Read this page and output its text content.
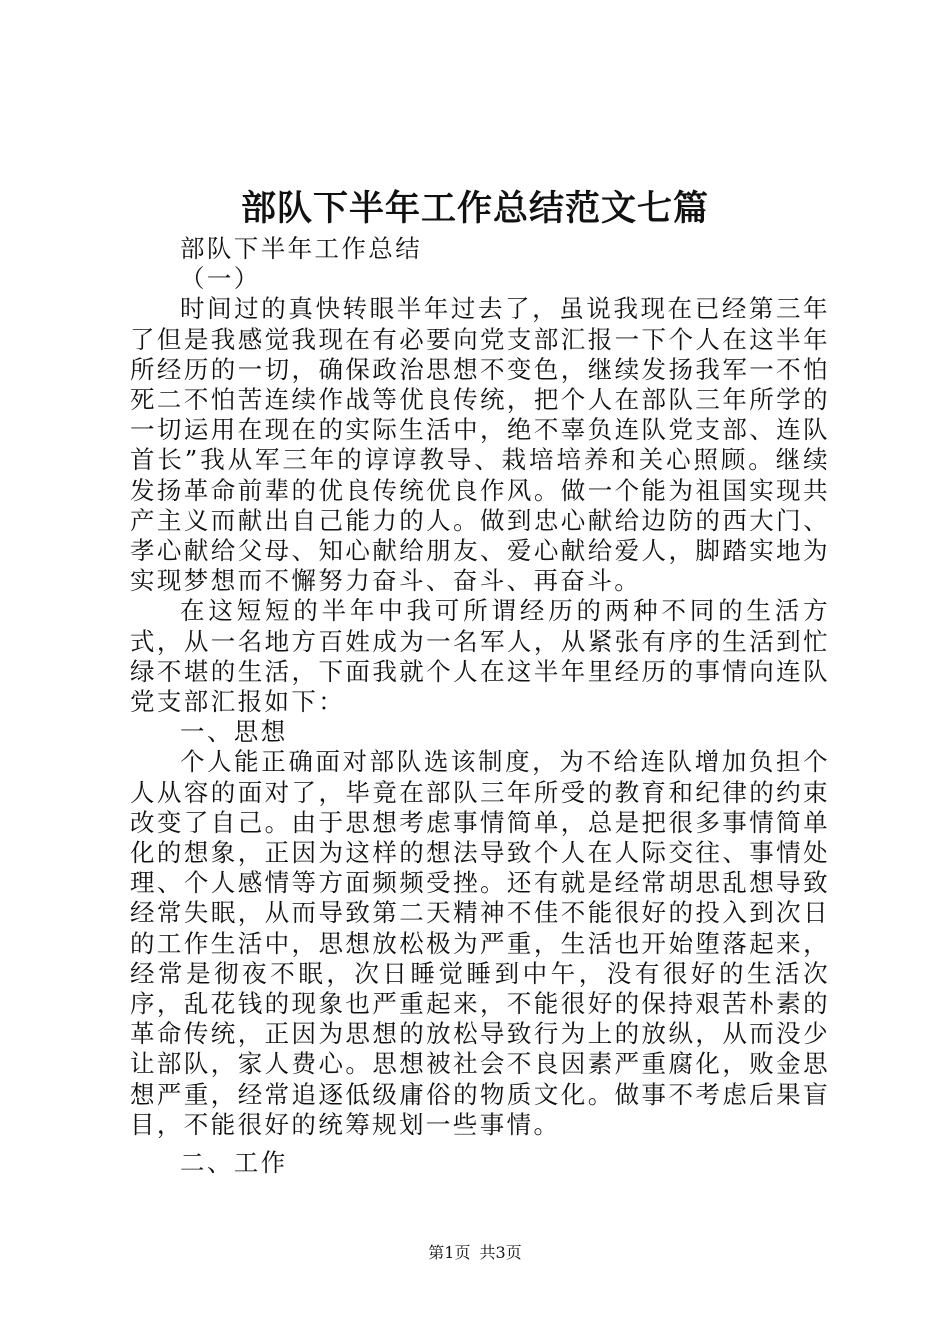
部队下半年工作总结范文七篇

部队下半年工作总结

（一）

时间过的真快转眼半年过去了，虽说我现在已经第三年了但是我感觉我现在有必要向党支部汇报一下个人在这半年所经历的一切，确保政治思想不变色，继续发扬我军一不怕死二不怕苦连续作战等优良传统，把个人在部队三年所学的一切运用在现在的实际生活中，绝不辜负连队党支部、连队首长”我从军三年的谆谆教导、栽培培养和关心照顾。继续发扬革命前辈的优良传统优良作风。做一个能为祖国实现共产主义而献出自己能力的人。做到忠心献给边防的西大门、孝心献给父母、知心献给朋友、爱心献给爱人，脚踏实地为实现梦想而不懈努力奋斗、奋斗、再奋斗。

在这短短的半年中我可所谓经历的两种不同的生活方式，从一名地方百姓成为一名军人，从紧张有序的生活到忙绿不堪的生活，下面我就个人在这半年里经历的事情向连队党支部汇报如下：

一、思想

个人能正确面对部队选该制度，为不给连队增加负担个人从容的面对了，毕竟在部队三年所受的教育和纪律的约束改变了自己。由于思想考虑事情简单，总是把很多事情简单化的想象，正因为这样的想法导致个人在人际交往、事情处理、个人感情等方面频频受挫。还有就是经常胡思乱想导致经常失眠，从而导致第二天精神不佳不能很好的投入到次日的工作生活中，思想放松极为严重，生活也开始堕落起来，经常是彻夜不眠，次日睡觉睡到中午，没有很好的生活次序，乱花钱的现象也严重起来，不能很好的保持艰苦朴素的革命传统，正因为思想的放松导致行为上的放纵，从而没少让部队，家人费心。思想被社会不良因素严重腐化，败金思想严重，经常追逐低级庸俗的物质文化。做事不考虑后果盲目，不能很好的统筹规划一些事情。

二、工作

第1页 共3页
